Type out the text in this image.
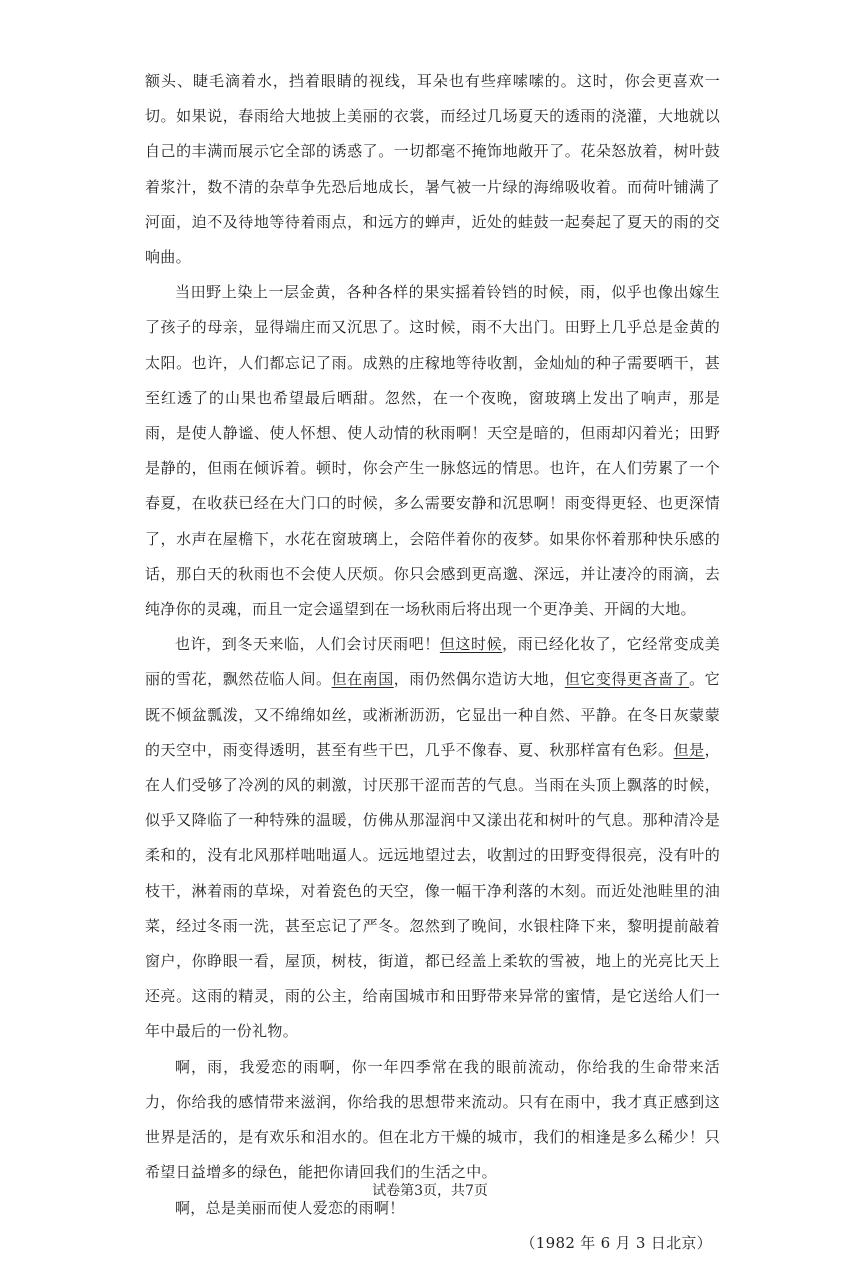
额头、睫毛滴着水，挡着眼睛的视线，耳朵也有些痒嗦嗦的。这时，你会更喜欢一切。如果说，春雨给大地披上美丽的衣裳，而经过几场夏天的透雨的浇灌，大地就以自己的丰满而展示它全部的诱惑了。一切都毫不掩饰地敞开了。花朵怒放着，树叶鼓着浆汁，数不清的杂草争先恐后地成长，暑气被一片绿的海绵吸收着。而荷叶铺满了河面，迫不及待地等待着雨点，和远方的蝉声，近处的蛙鼓一起奏起了夏天的雨的交响曲。

当田野上染上一层金黄，各种各样的果实摇着铃铛的时候，雨，似乎也像出嫁生了孩子的母亲，显得端庄而又沉思了。这时候，雨不大出门。田野上几乎总是金黄的太阳。也许，人们都忘记了雨。成熟的庄稼地等待收割，金灿灿的种子需要晒干，甚至红透了的山果也希望最后晒甜。忽然，在一个夜晚，窗玻璃上发出了响声，那是雨，是使人静谧、使人怀想、使人动情的秋雨啊！天空是暗的，但雨却闪着光；田野是静的，但雨在倾诉着。顿时，你会产生一脉悠远的情思。也许，在人们劳累了一个春夏，在收获已经在大门口的时候，多么需要安静和沉思啊！雨变得更轻、也更深情了，水声在屋檐下，水花在窗玻璃上，会陪伴着你的夜梦。如果你怀着那种快乐感的话，那白天的秋雨也不会使人厌烦。你只会感到更高邈、深远，并让凄冷的雨滴，去纯净你的灵魂，而且一定会遥望到在一场秋雨后将出现一个更净美、开阔的大地。

也许，到冬天来临，人们会讨厌雨吧！但这时候，雨已经化妆了，它经常变成美丽的雪花，飘然莅临人间。但在南国，雨仍然偶尔造访大地，但它变得更吝啬了。它既不倾盆瓢泼，又不绵绵如丝，或淅淅沥沥，它显出一种自然、平静。在冬日灰蒙蒙的天空中，雨变得透明，甚至有些干巴，几乎不像春、夏、秋那样富有色彩。但是，在人们受够了冷冽的风的刺激，讨厌那干涩而苦的气息。当雨在头顶上飘落的时候，似乎又降临了一种特殊的温暖，仿佛从那湿润中又漾出花和树叶的气息。那种清冷是柔和的，没有北风那样咄咄逼人。远远地望过去，收割过的田野变得很亮，没有叶的枝干，淋着雨的草垛，对着瓷色的天空，像一幅干净利落的木刻。而近处池畦里的油菜，经过冬雨一洗，甚至忘记了严冬。忽然到了晚间，水银柱降下来，黎明提前敲着窗户，你睁眼一看，屋顶，树枝，街道，都已经盖上柔软的雪被，地上的光亮比天上还亮。这雨的精灵，雨的公主，给南国城市和田野带来异常的蜜情，是它送给人们一年中最后的一份礼物。

啊，雨，我爱恋的雨啊，你一年四季常在我的眼前流动，你给我的生命带来活力，你给我的感情带来滋润，你给我的思想带来流动。只有在雨中，我才真正感到这世界是活的，是有欢乐和泪水的。但在北方干燥的城市，我们的相逢是多么稀少！只希望日益增多的绿色，能把你请回我们的生活之中。

啊，总是美丽而使人爱恋的雨啊！

（1982 年 6 月 3 日北京）

试卷第3页，共7页
